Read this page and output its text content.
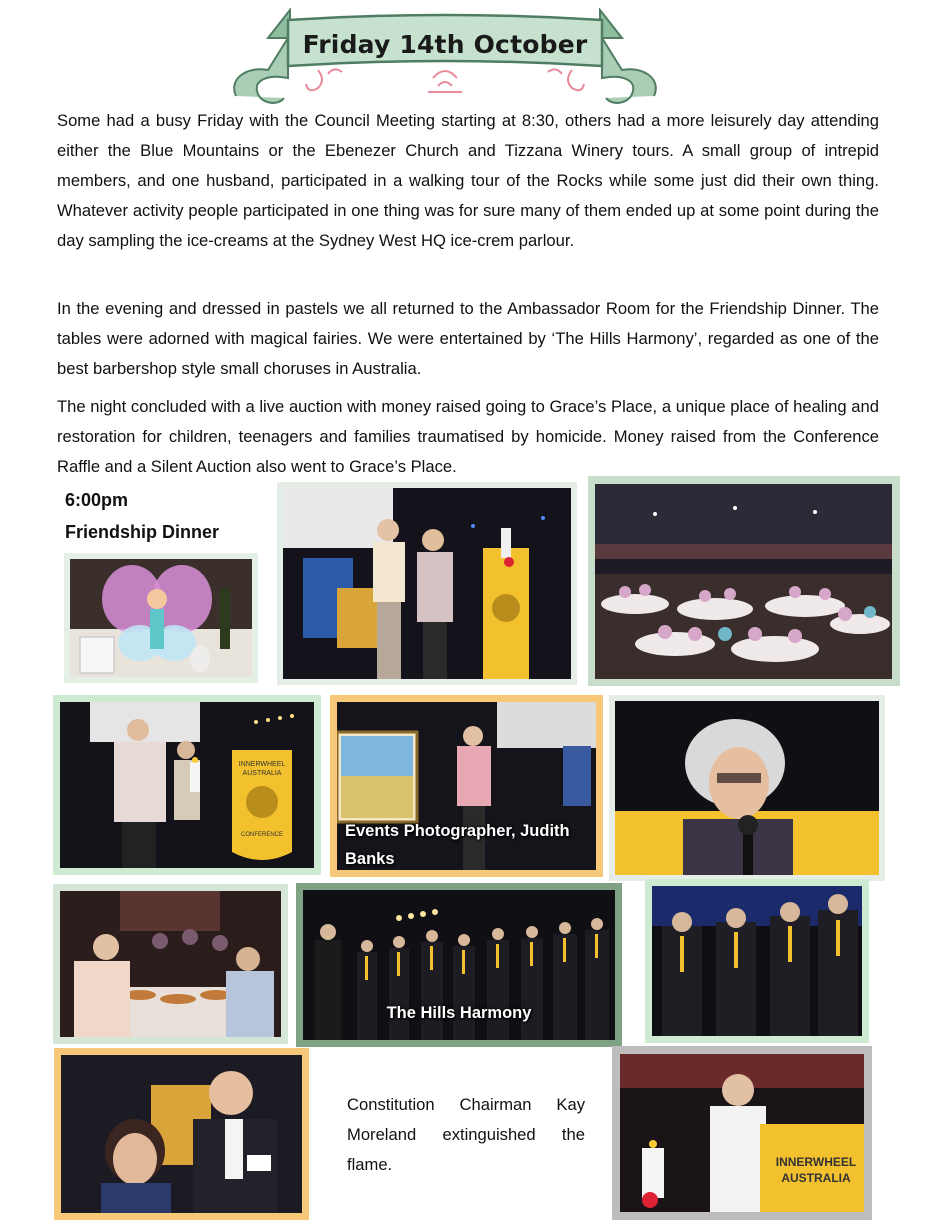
Friday 14th October

Some had a busy Friday with the Council Meeting starting at 8:30, others had a more leisurely day attending either the Blue Mountains or the Ebenezer Church and Tizzana Winery tours. A small group of intrepid members, and one husband, participated in a walking tour of the Rocks while some just did their own thing. Whatever activity people participated in one thing was for sure many of them ended up at some point during the day sampling the ice-creams at the Sydney West HQ ice-crem parlour.

In the evening and dressed in pastels we all returned to the Ambassador Room for the Friendship Dinner. The tables were adorned with magical fairies. We were entertained by ‘The Hills Harmony’, regarded as one of the best barbershop style small choruses in Australia.

The night concluded with a live auction with money raised going to Grace’s Place, a unique place of healing and restoration for children, teenagers and families traumatised by homicide. Money raised from the Conference Raffle and a Silent Auction also went to Grace’s Place.

6:00pm
Friendship Dinner
INNERWHEEL
AUSTRALIA
CONFERENCE	Events Photographer, Judith Banks
The Hills Harmony

Constitution Chairman Kay Moreland extinguished the flame.	INNERWHEEL
AUSTRALIA
